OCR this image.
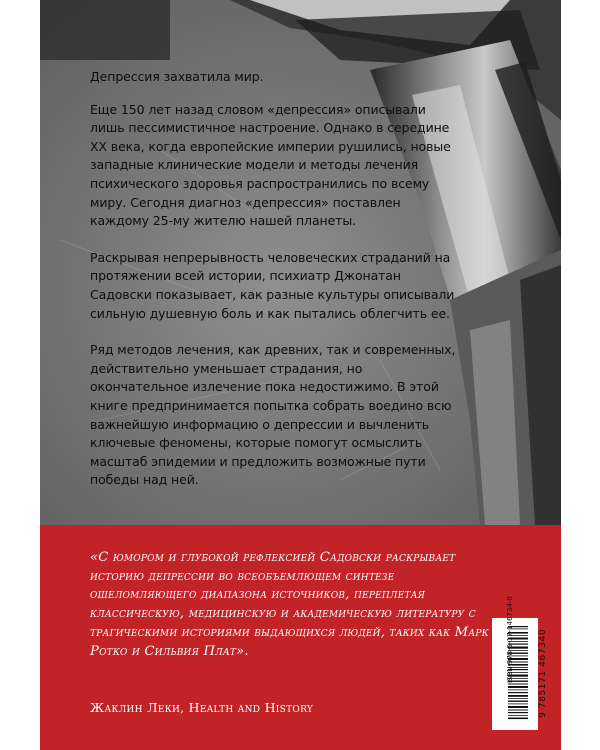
Депрессия захватила мир.

Еще 150 лет назад словом «депрессия» описывали лишь пессимистичное настроение. Однако в середине XX века, когда европейские империи рушились, новые западные клинические модели и методы лечения психического здоровья распространились по всему миру. Сегодня диагноз «депрессия» поставлен каждому 25-му жителю нашей планеты.

Раскрывая непрерывность человеческих страданий на протяжении всей истории, психиатр Джонатан Садовски показывает, как разные культуры описывали сильную душевную боль и как пытались облегчить ее.

Ряд методов лечения, как древних, так и современных, действительно уменьшает страдания, но окончательное излечение пока недостижимо. В этой книге предпринимается попытка собрать воедино всю важнейшую информацию о депрессии и вычленить ключевые феномены, которые помогут осмыслить масштаб эпидемии и предложить возможные пути победы над ней.

«С юмором и глубокой рефлексией Садовски раскрывает историю депрессии во всеобъемлющем синтезе ошеломляющего диапазона источников, переплетая классическую, медицинскую и академическую литературу с трагическими историями выдающихся людей, таких как Марк Ротко и Сильвия Плат».
Жаклин Леки, Health and History
ISBN 978-5-17-146734-0	9 785171 467340
